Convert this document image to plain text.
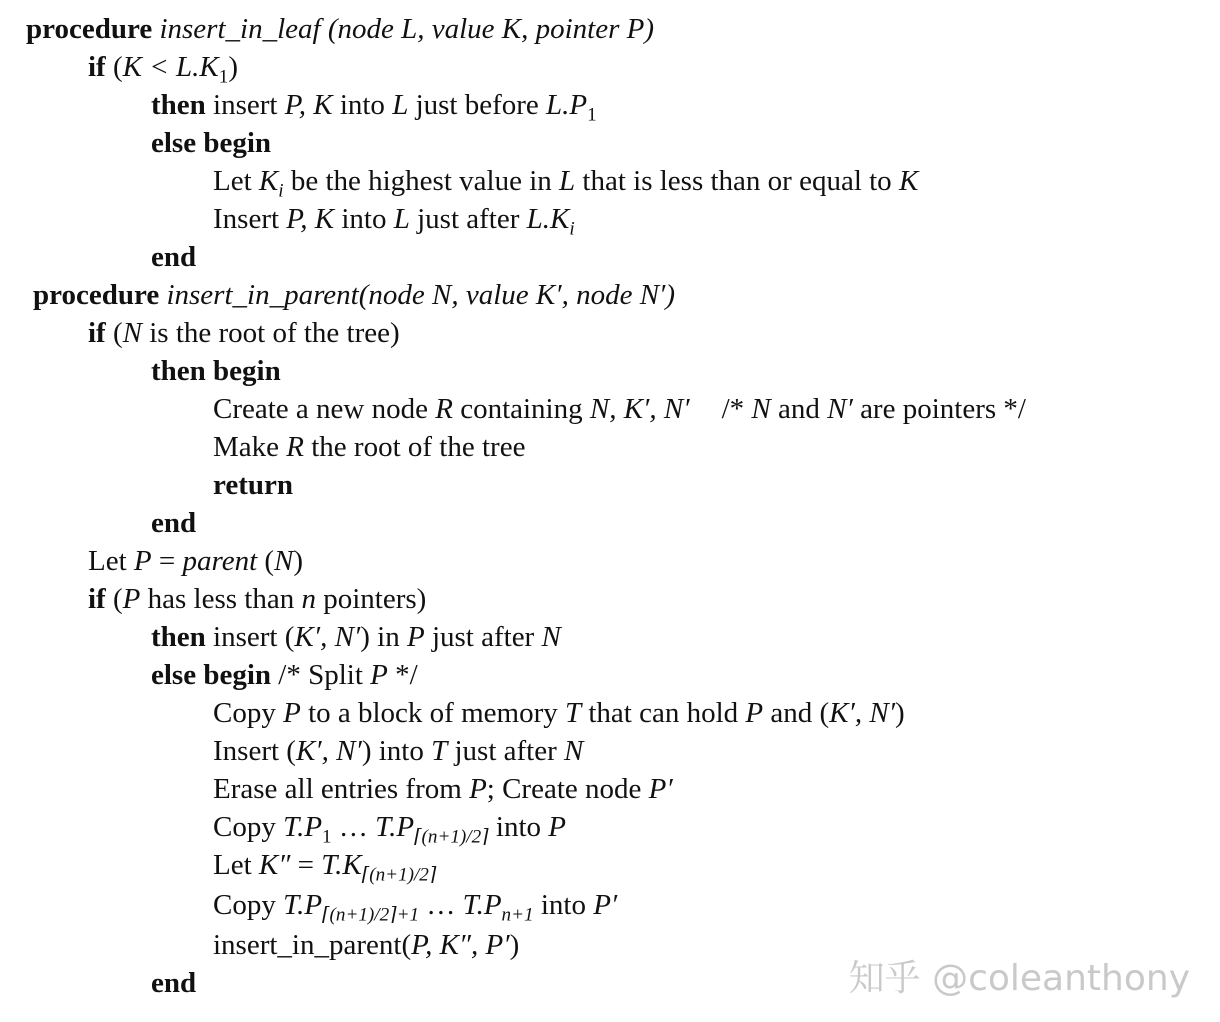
procedure insert_in_leaf (node L, value K, pointer P)
if $(K < L.K_1)$
then insert P, K into L just before $L.P_1$
else begin
Let $K_i$ be the highest value in L that is less than or equal to K
Insert P, K into L just after $L.K_i$
end
procedure insert_in_parent(node N, value K′, node N′)
if (N is the root of the tree)
then begin
Create a new node R containing N, K′, N′ /* N and N′ are pointers */
Make R the root of the tree
return
end
Let P = parent (N)
if (P has less than n pointers)
then insert (K′, N′) in P just after N
else begin /* Split P */
Copy P to a block of memory T that can hold P and (K′, N′)
Insert (K′, N′) into T just after N
Erase all entries from P; Create node P′
Copy $T.P_1$ … $T.P_{⌈(n+1)/2⌉}$ into P
Let $K'' = T.K_{⌈(n+1)/2⌉}$
Copy $T.P_{⌈(n+1)/2⌉+1}$ … $T.P_{n+1}$ into P′
insert_in_parent(P, K″, P′)
end	知乎 @coleanthony
